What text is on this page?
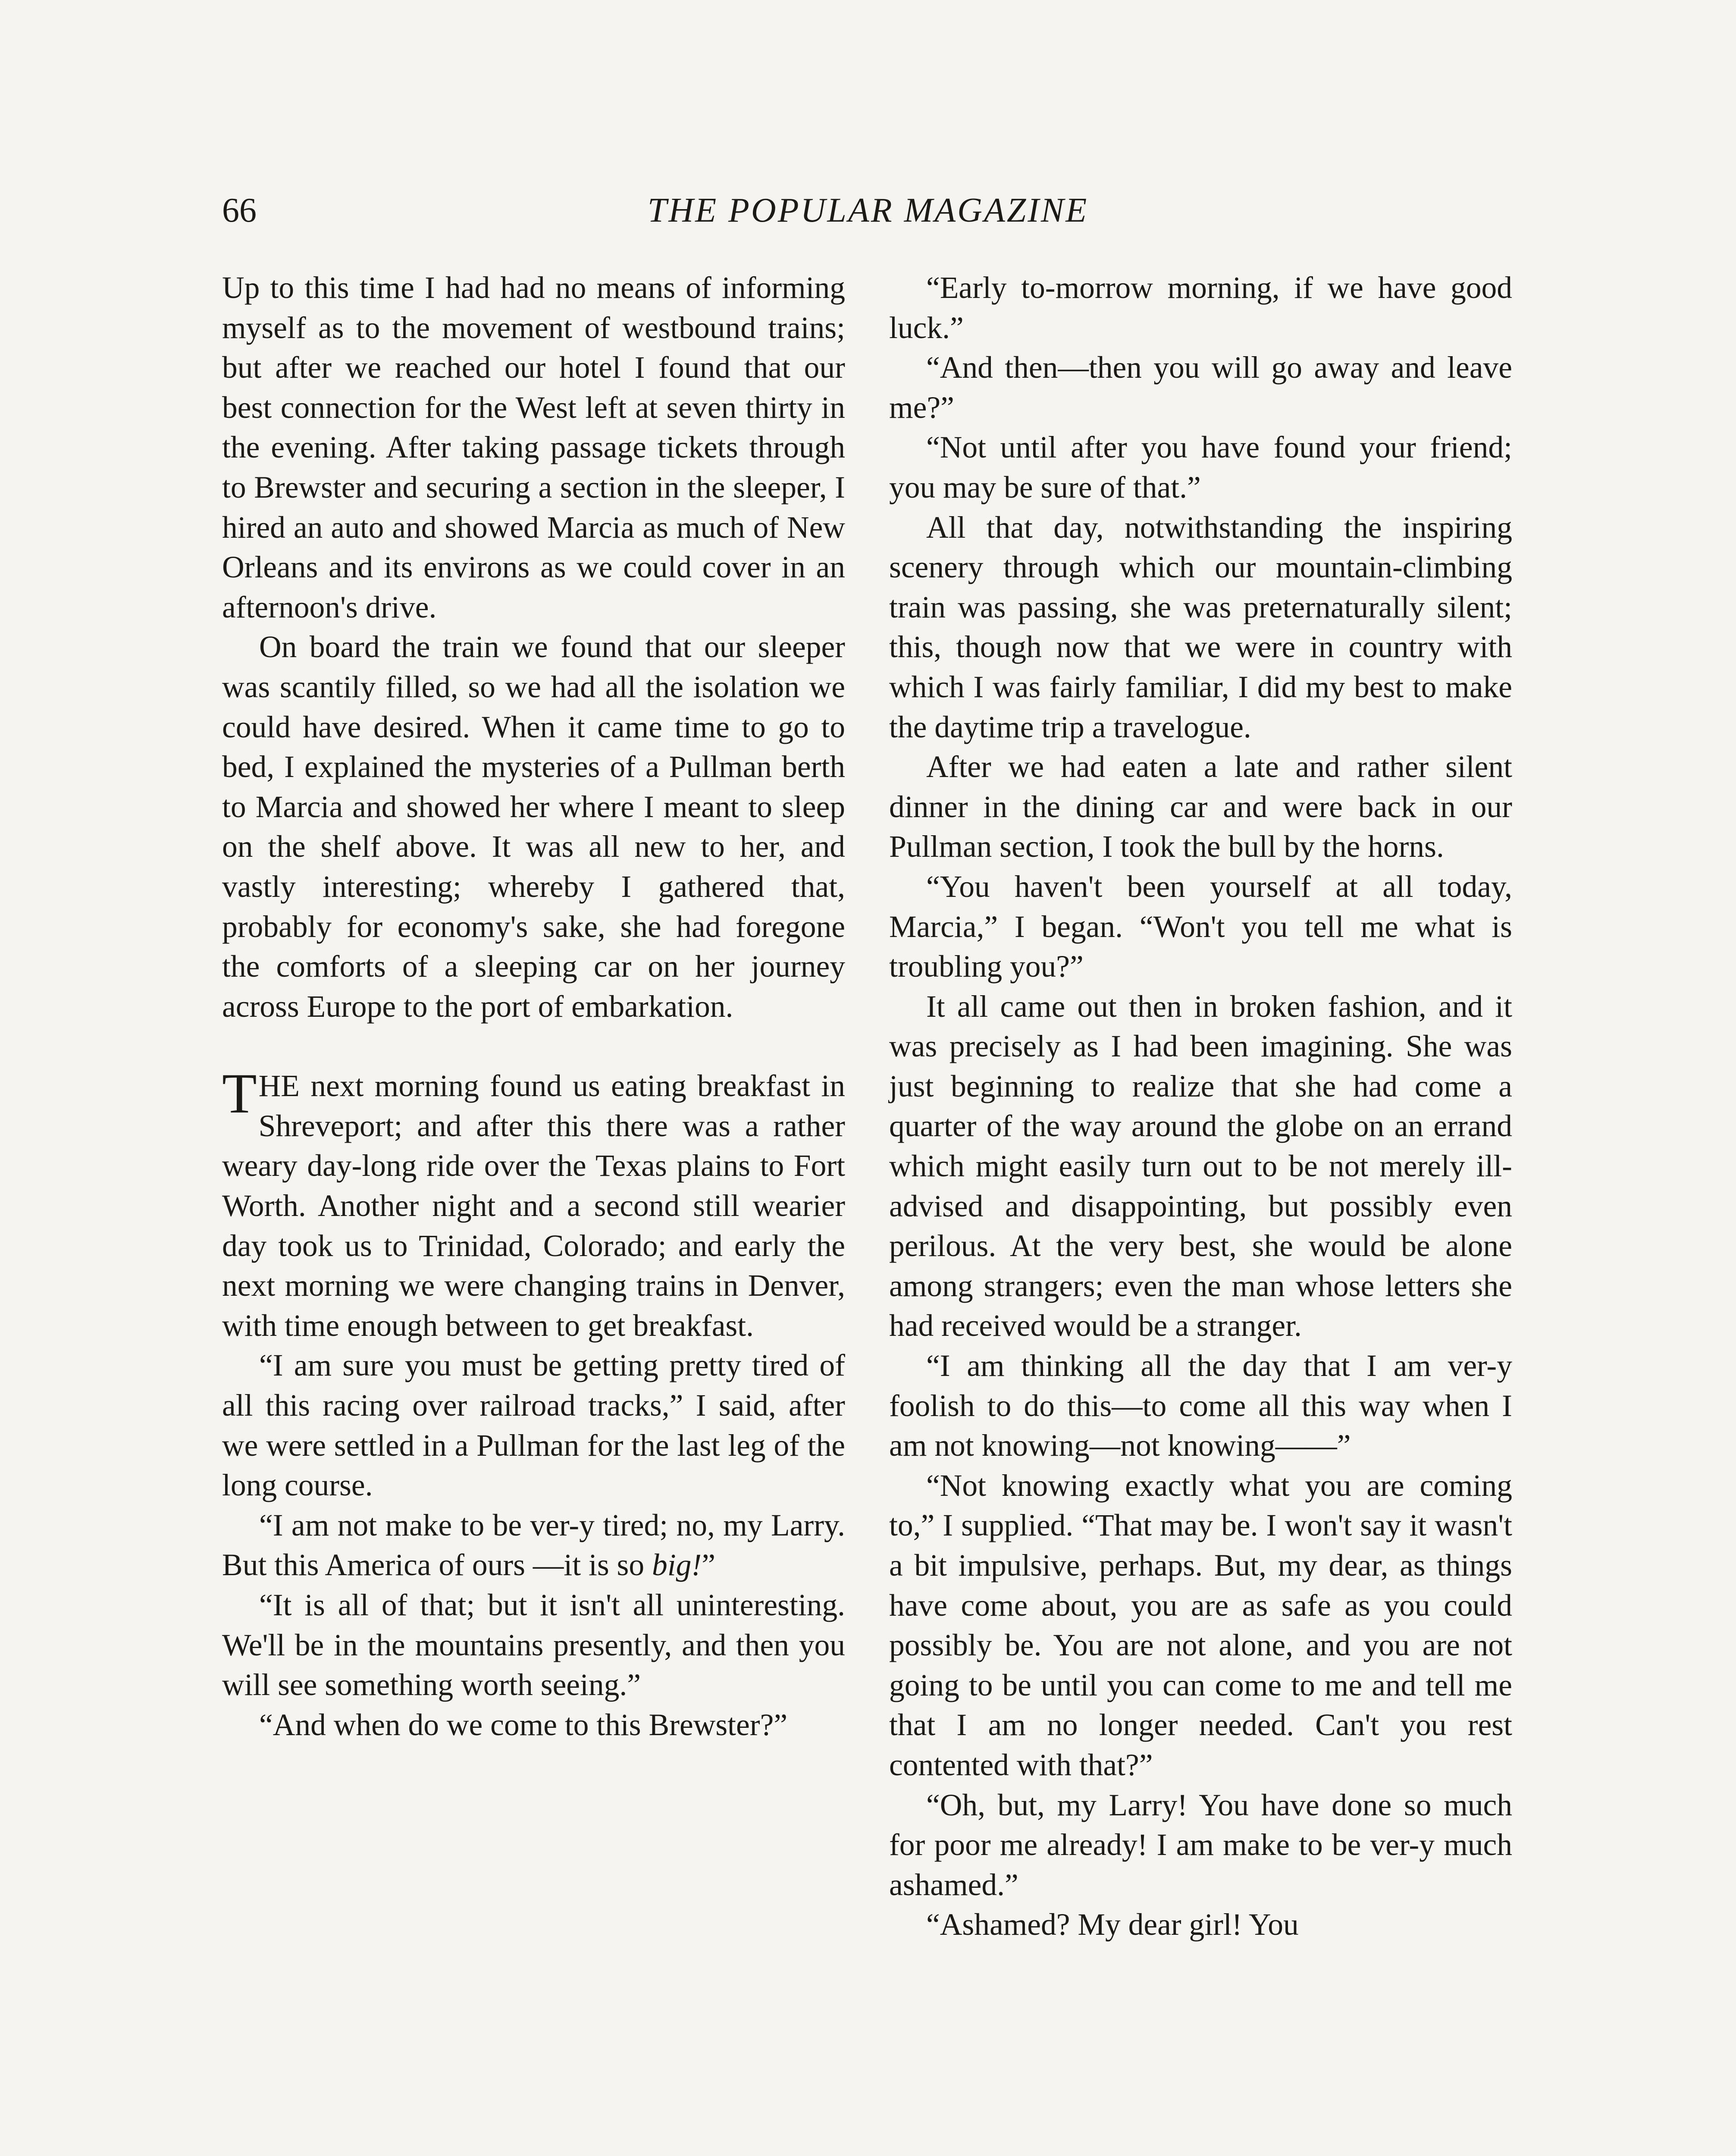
66	THE POPULAR MAGAZINE

Up to this time I had had no means of informing myself as to the movement of westbound trains; but after we reached our hotel I found that our best connection for the West left at seven thirty in the evening. After taking passage tickets through to Brewster and securing a section in the sleeper, I hired an auto and showed Marcia as much of New Orleans and its environs as we could cover in an afternoon's drive.

On board the train we found that our sleeper was scantily filled, so we had all the isolation we could have desired. When it came time to go to bed, I explained the mysteries of a Pullman berth to Marcia and showed her where I meant to sleep on the shelf above. It was all new to her, and vastly interesting; whereby I gathered that, probably for economy's sake, she had foregone the comforts of a sleeping car on her journey across Europe to the port of embarkation.

THE next morning found us eating breakfast in Shreveport; and after this there was a rather weary day-long ride over the Texas plains to Fort Worth. Another night and a second still wearier day took us to Trinidad, Colorado; and early the next morning we were changing trains in Denver, with time enough between to get breakfast.

“I am sure you must be getting pretty tired of all this racing over railroad tracks,” I said, after we were settled in a Pullman for the last leg of the long course.

“I am not make to be ver-y tired; no, my Larry. But this America of ours —it is so big!”

“It is all of that; but it isn't all uninteresting. We'll be in the mountains presently, and then you will see something worth seeing.”

“And when do we come to this Brewster?”

“Early to-morrow morning, if we have good luck.”

“And then—then you will go away and leave me?”

“Not until after you have found your friend; you may be sure of that.”

All that day, notwithstanding the inspiring scenery through which our mountain-climbing train was passing, she was preternaturally silent; this, though now that we were in country with which I was fairly familiar, I did my best to make the daytime trip a travelogue.

After we had eaten a late and rather silent dinner in the dining car and were back in our Pullman section, I took the bull by the horns.

“You haven't been yourself at all today, Marcia,” I began. “Won't you tell me what is troubling you?”

It all came out then in broken fashion, and it was precisely as I had been imagining. She was just beginning to realize that she had come a quarter of the way around the globe on an errand which might easily turn out to be not merely ill-advised and disappointing, but possibly even perilous. At the very best, she would be alone among strangers; even the man whose letters she had received would be a stranger.

“I am thinking all the day that I am ver-y foolish to do this—to come all this way when I am not knowing—not knowing——”

“Not knowing exactly what you are coming to,” I supplied. “That may be. I won't say it wasn't a bit impulsive, perhaps. But, my dear, as things have come about, you are as safe as you could possibly be. You are not alone, and you are not going to be until you can come to me and tell me that I am no longer needed. Can't you rest contented with that?”

“Oh, but, my Larry! You have done so much for poor me already! I am make to be ver-y much ashamed.”

“Ashamed? My dear girl! You
